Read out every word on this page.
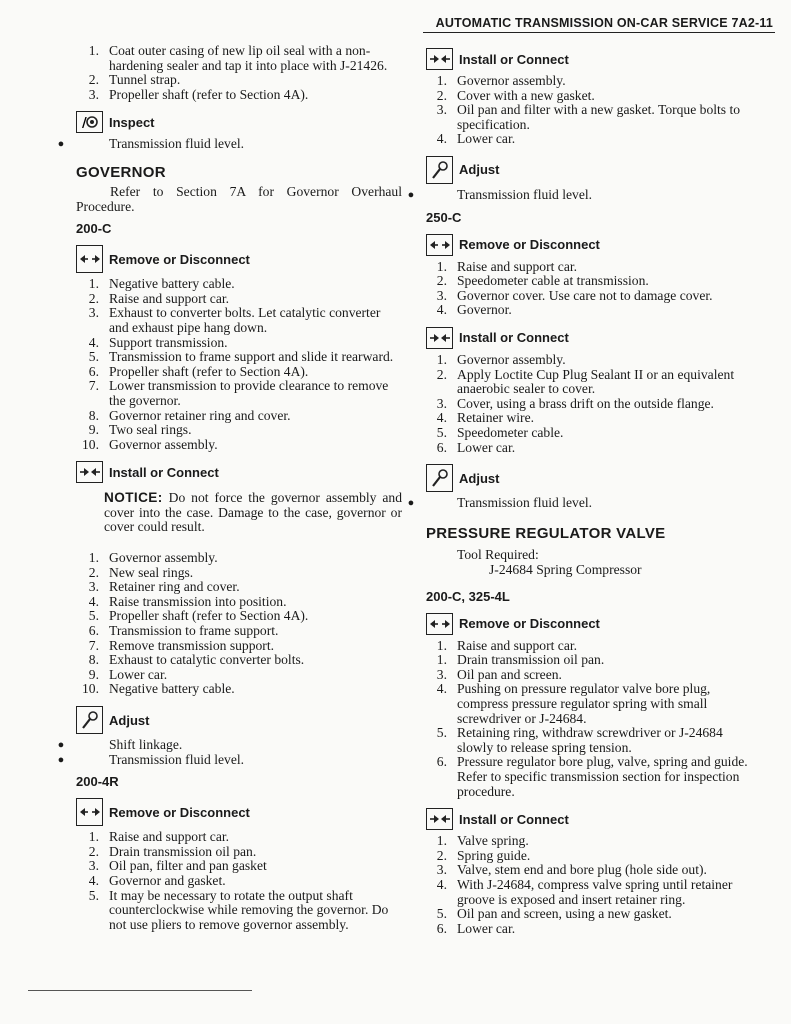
AUTOMATIC TRANSMISSION ON-CAR SERVICE 7A2-11
1. Coat outer casing of new lip oil seal with a non-hardening sealer and tap it into place with J-21426.
2. Tunnel strap.
3. Propeller shaft (refer to Section 4A).
/ Inspect
●	Transmission fluid level.
GOVERNOR
Refer to Section 7A for Governor Overhaul Procedure.
200-C
Remove or Disconnect
1. Negative battery cable.
2. Raise and support car.
3. Exhaust to converter bolts. Let catalytic converter and exhaust pipe hang down.
4. Support transmission.
5. Transmission to frame support and slide it rearward.
6. Propeller shaft (refer to Section 4A).
7. Lower transmission to provide clearance to remove the governor.
8. Governor retainer ring and cover.
9. Two seal rings.
10. Governor assembly.
Install or Connect
NOTICE: Do not force the governor assembly and cover into the case. Damage to the case, governor or cover could result.
1. Governor assembly.
2. New seal rings.
3. Retainer ring and cover.
4. Raise transmission into position.
5. Propeller shaft (refer to Section 4A).
6. Transmission to frame support.
7. Remove transmission support.
8. Exhaust to catalytic converter bolts.
9. Lower car.
10. Negative battery cable.
Adjust
●	Shift linkage.
●	Transmission fluid level.
200-4R
Remove or Disconnect
1. Raise and support car.
2. Drain transmission oil pan.
3. Oil pan, filter and pan gasket
4. Governor and gasket.
5. It may be necessary to rotate the output shaft counterclockwise while removing the governor. Do not use pliers to remove governor assembly.
Install or Connect
1. Governor assembly.
2. Cover with a new gasket.
3. Oil pan and filter with a new gasket. Torque bolts to specification.
4. Lower car.
Adjust
●	Transmission fluid level.
250-C
Remove or Disconnect
1. Raise and support car.
2. Speedometer cable at transmission.
3. Governor cover. Use care not to damage cover.
4. Governor.
Install or Connect
1. Governor assembly.
2. Apply Loctite Cup Plug Sealant II or an equivalent anaerobic sealer to cover.
3. Cover, using a brass drift on the outside flange.
4. Retainer wire.
5. Speedometer cable.
6. Lower car.
Adjust
●	Transmission fluid level.
PRESSURE REGULATOR VALVE
Tool Required:
J-24684 Spring Compressor
200-C, 325-4L
Remove or Disconnect
1. Raise and support car.
1. Drain transmission oil pan.
3. Oil pan and screen.
4. Pushing on pressure regulator valve bore plug, compress pressure regulator spring with small screwdriver or J-24684.
5. Retaining ring, withdraw screwdriver or J-24684 slowly to release spring tension.
6. Pressure regulator bore plug, valve, spring and guide. Refer to specific transmission section for inspection procedure.
Install or Connect
1. Valve spring.
2. Spring guide.
3. Valve, stem end and bore plug (hole side out).
4. With J-24684, compress valve spring until retainer groove is exposed and insert retainer ring.
5. Oil pan and screen, using a new gasket.
6. Lower car.
